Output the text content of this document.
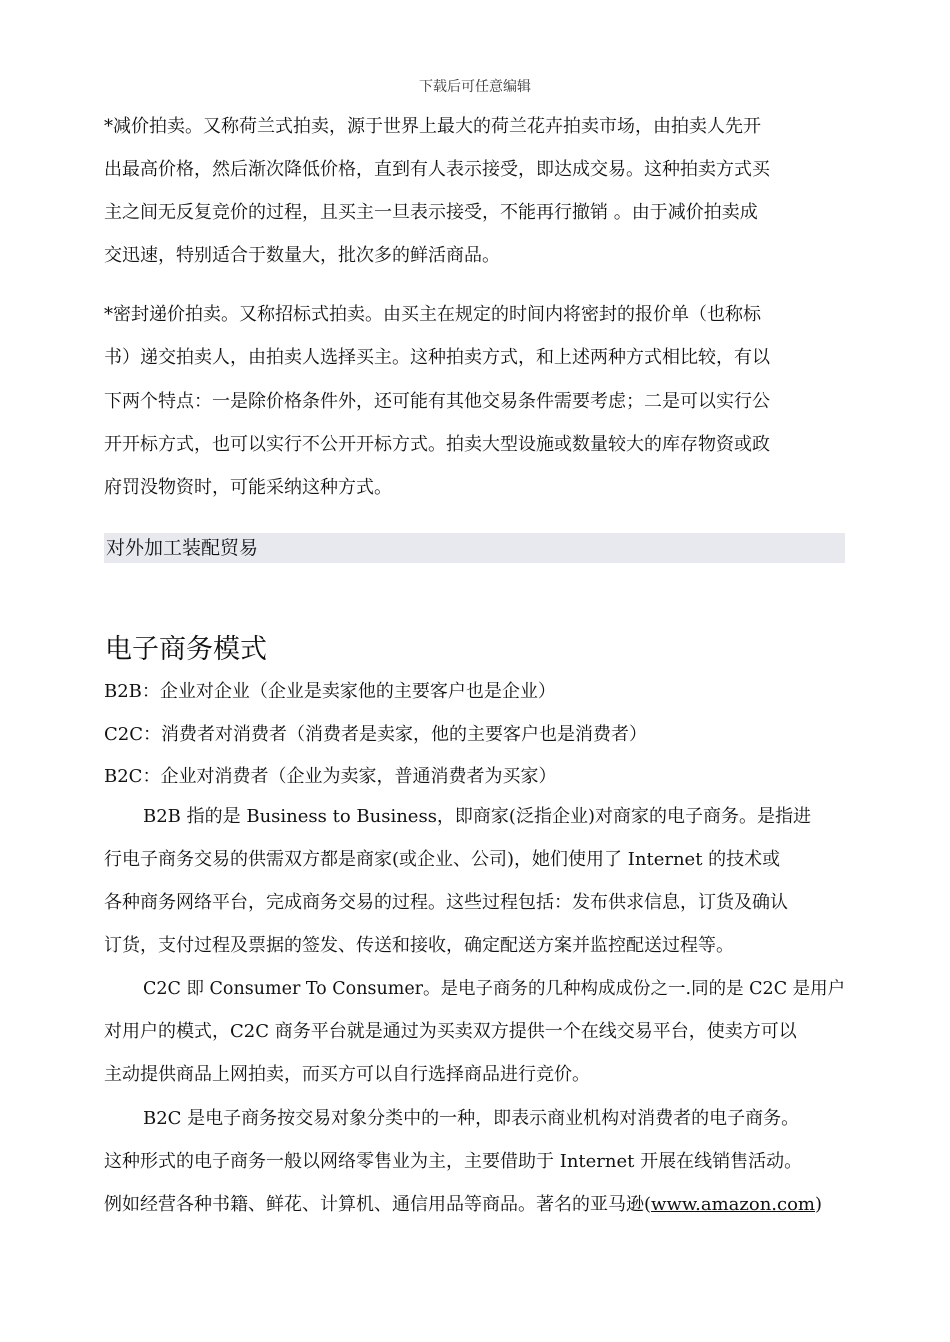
下载后可任意编辑
*减价拍卖。又称荷兰式拍卖，源于世界上最大的荷兰花卉拍卖市场，由拍卖人先开
出最高价格，然后渐次降低价格，直到有人表示接受，即达成交易。这种拍卖方式买
主之间无反复竞价的过程，且买主一旦表示接受，不能再行撤销 。由于减价拍卖成
交迅速，特别适合于数量大，批次多的鲜活商品。
*密封递价拍卖。又称招标式拍卖。由买主在规定的时间内将密封的报价单（也称标
书）递交拍卖人，由拍卖人选择买主。这种拍卖方式，和上述两种方式相比较，有以
下两个特点：一是除价格条件外，还可能有其他交易条件需要考虑；二是可以实行公
开开标方式，也可以实行不公开开标方式。拍卖大型设施或数量较大的库存物资或政
府罚没物资时，可能采纳这种方式。
对外加工装配贸易
电子商务模式
B2B：企业对企业（企业是卖家他的主要客户也是企业）
C2C：消费者对消费者（消费者是卖家，他的主要客户也是消费者）
B2C：企业对消费者（企业为卖家，普通消费者为买家）
B2B 指的是 Business to Business，即商家(泛指企业)对商家的电子商务。是指进
行电子商务交易的供需双方都是商家(或企业、公司)，她们使用了 Internet 的技术或
各种商务网络平台，完成商务交易的过程。这些过程包括：发布供求信息，订货及确认
订货，支付过程及票据的签发、传送和接收，确定配送方案并监控配送过程等。
C2C 即 Consumer To Consumer。是电子商务的几种构成成份之一.同的是 C2C 是用户
对用户的模式，C2C 商务平台就是通过为买卖双方提供一个在线交易平台，使卖方可以
主动提供商品上网拍卖，而买方可以自行选择商品进行竞价。
B2C 是电子商务按交易对象分类中的一种，即表示商业机构对消费者的电子商务。
这种形式的电子商务一般以网络零售业为主，主要借助于 Internet 开展在线销售活动。
例如经营各种书籍、鲜花、计算机、通信用品等商品。著名的亚马逊(www.amazon.com)
